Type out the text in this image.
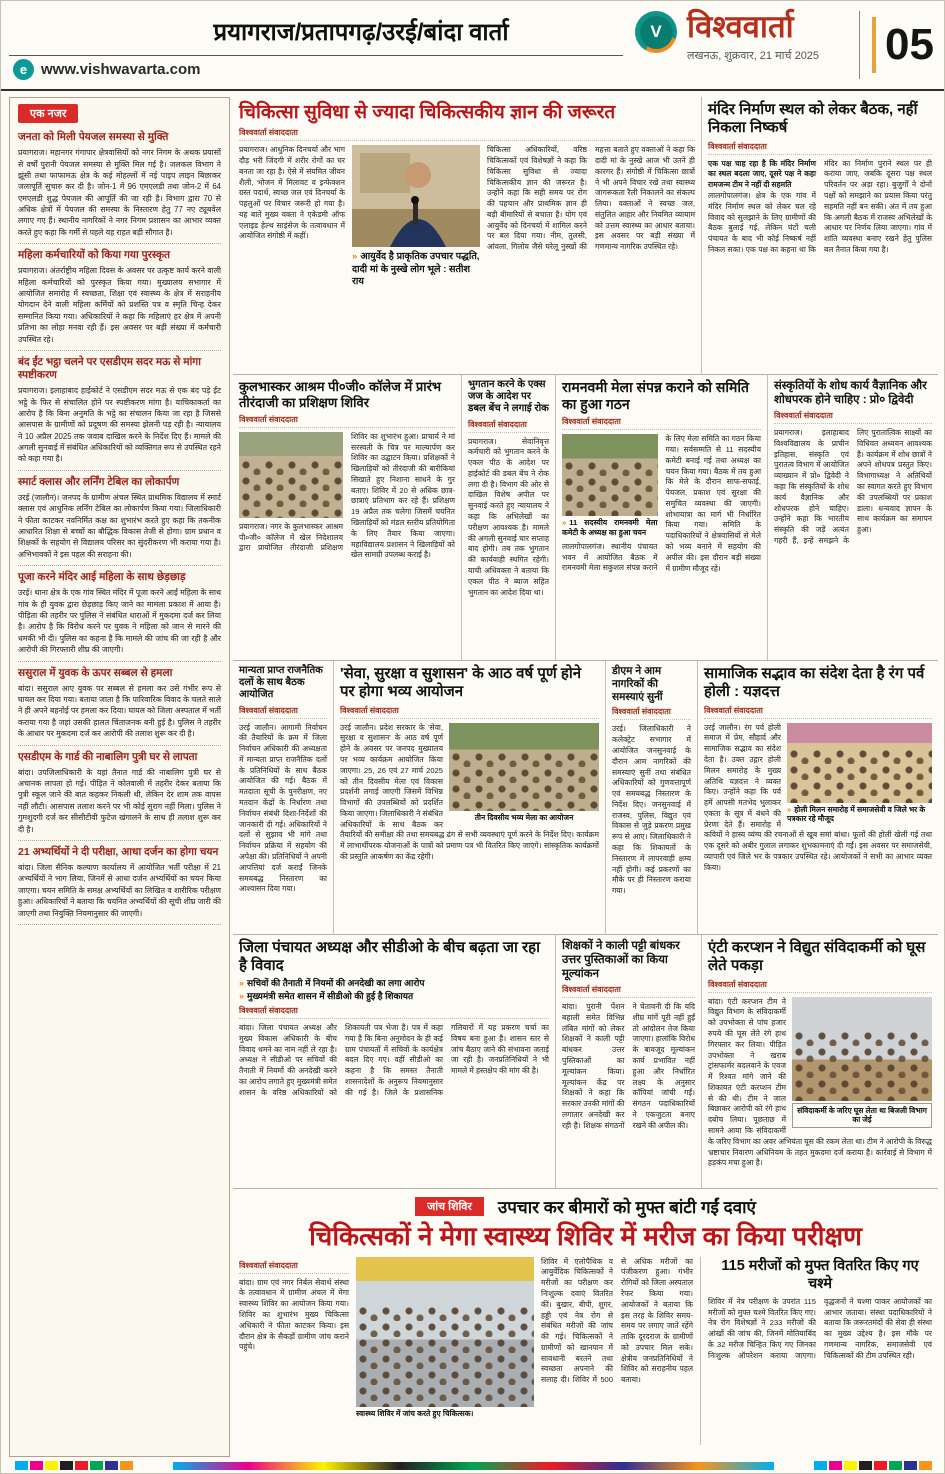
प्रयागराज/प्रतापगढ़/उरई/बांदा वार्ता
e www.vishwavarta.com
V विश्ववार्ता
लखनऊ, शुक्रवार, 21 मार्च 2025 05
एक नजर
जनता को मिली पेयजल समस्या से मुक्ति

प्रयागराज। महानगर गंगापार क्षेत्रवासियों को नगर निगम के अथक प्रयासों से वर्षों पुरानी पेयजल समस्या से मुक्ति मिल गई है। जलकल विभाग ने झूंसी तथा फाफामऊ क्षेत्र के कई मोहल्लों में नई पाइप लाइन बिछाकर जलापूर्ति सुचारु कर दी है। जोन-1 में 96 एमएलडी तथा जोन-2 में 64 एमएलडी शुद्ध पेयजल की आपूर्ति की जा रही है। विभाग द्वारा 70 से अधिक क्षेत्रों में पेयजल की समस्या के निस्तारण हेतु 77 नए ट्यूबवेल लगाए गए हैं। स्थानीय नागरिकों ने नगर निगम प्रशासन का आभार व्यक्त करते हुए कहा कि गर्मी से पहले यह राहत बड़ी सौगात है।

महिला कर्मचारियों को किया गया पुरस्कृत

प्रयागराज। अंतर्राष्ट्रीय महिला दिवस के अवसर पर उत्कृष्ट कार्य करने वाली महिला कर्मचारियों को पुरस्कृत किया गया। मुख्यालय सभागार में आयोजित समारोह में स्वच्छता, शिक्षा एवं स्वास्थ्य के क्षेत्र में सराहनीय योगदान देने वाली महिला कर्मियों को प्रशस्ति पत्र व स्मृति चिन्ह देकर सम्मानित किया गया। अधिकारियों ने कहा कि महिलाएं हर क्षेत्र में अपनी प्रतिभा का लोहा मनवा रही हैं। इस अवसर पर बड़ी संख्या में कर्मचारी उपस्थित रहे।

बंद ईंट भट्ठा चलने पर एसडीएम सदर मऊ से मांगा स्पष्टीकरण

प्रयागराज। इलाहाबाद हाईकोर्ट ने एसडीएम सदर मऊ से एक बंद पड़े ईंट भट्ठे के फिर से संचालित होने पर स्पष्टीकरण मांगा है। याचिकाकर्ता का आरोप है कि बिना अनुमति के भट्ठे का संचालन किया जा रहा है जिससे आसपास के ग्रामीणों को प्रदूषण की समस्या झेलनी पड़ रही है। न्यायालय ने 10 अप्रैल 2025 तक जवाब दाखिल करने के निर्देश दिए हैं। मामले की अगली सुनवाई में संबंधित अधिकारियों को व्यक्तिगत रूप से उपस्थित रहने को कहा गया है।

स्मार्ट क्लास और लर्निंग टेबिल का लोकार्पण

उरई (जालौन)। जनपद के ग्रामीण अंचल स्थित प्राथमिक विद्यालय में स्मार्ट क्लास एवं आधुनिक लर्निंग टेबिल का लोकार्पण किया गया। जिलाधिकारी ने फीता काटकर नवनिर्मित कक्ष का शुभारंभ करते हुए कहा कि तकनीक आधारित शिक्षा से बच्चों का बौद्धिक विकास तेजी से होगा। ग्राम प्रधान व शिक्षकों के सहयोग से विद्यालय परिसर का सुंदरीकरण भी कराया गया है। अभिभावकों ने इस पहल की सराहना की।

पूजा करने मंदिर आई महिला के साथ छेड़छाड़

उरई। थाना क्षेत्र के एक गांव स्थित मंदिर में पूजा करने आई महिला के साथ गांव के ही युवक द्वारा छेड़छाड़ किए जाने का मामला प्रकाश में आया है। पीड़िता की तहरीर पर पुलिस ने संबंधित धाराओं में मुकदमा दर्ज कर लिया है। आरोप है कि विरोध करने पर युवक ने महिला को जान से मारने की धमकी भी दी। पुलिस का कहना है कि मामले की जांच की जा रही है और आरोपी की गिरफ्तारी शीघ्र की जाएगी।

ससुराल में युवक के ऊपर सब्बल से हमला

बांदा। ससुराल आए युवक पर सब्बल से हमला कर उसे गंभीर रूप से घायल कर दिया गया। बताया जाता है कि पारिवारिक विवाद के चलते साले ने ही अपने बहनोई पर हमला कर दिया। घायल को जिला अस्पताल में भर्ती कराया गया है जहां उसकी हालत चिंताजनक बनी हुई है। पुलिस ने तहरीर के आधार पर मुकदमा दर्ज कर आरोपी की तलाश शुरू कर दी है।

एसडीएम के गार्ड की नाबालिग पुत्री घर से लापता

बांदा। उपजिलाधिकारी के यहां तैनात गार्ड की नाबालिग पुत्री घर से अचानक लापता हो गई। पीड़ित ने कोतवाली में तहरीर देकर बताया कि पुत्री स्कूल जाने की बात कहकर निकली थी, लेकिन देर शाम तक वापस नहीं लौटी। आसपास तलाश करने पर भी कोई सुराग नहीं मिला। पुलिस ने गुमशुदगी दर्ज कर सीसीटीवी फुटेज खंगालने के साथ ही तलाश शुरू कर दी है।

21 अभ्यर्थियों ने दी परीक्षा, आधा दर्जन का होगा चयन

बांदा। जिला सैनिक कल्याण कार्यालय में आयोजित भर्ती परीक्षा में 21 अभ्यर्थियों ने भाग लिया, जिनमें से आधा दर्जन अभ्यर्थियों का चयन किया जाएगा। चयन समिति के समक्ष अभ्यर्थियों का लिखित व शारीरिक परीक्षण हुआ। अधिकारियों ने बताया कि चयनित अभ्यर्थियों की सूची शीघ्र जारी की जाएगी तथा नियुक्ति नियमानुसार की जाएगी।

चिकित्सा सुविधा से ज्यादा चिकित्सकीय ज्ञान की जरूरत
विश्ववार्ता संवाददाता

प्रयागराज। आधुनिक दिनचर्या और भाग दौड़ भरी जिंदगी में शरीर रोगों का घर बनता जा रहा है। ऐसे में संयमित जीवन शैली, भोजन में मिलावट व इन्फेक्शन ग्रस्त पदार्थ, स्वच्छ जल एवं दिनचर्या के पहलुओं पर विचार जरूरी हो गया है। यह बातें मुख्य वक्ता ने एकेडमी ऑफ एलाइड हेल्थ साइंसेज के तत्वावधान में आयोजित संगोष्ठी में कहीं।

» आयुर्वेद है प्राकृतिक उपचार पद्धति, दादी मां के नुस्खे लोग भूले : सतीश राय

चिकित्सा अधिकारियों, वरिष्ठ चिकित्सकों एवं विशेषज्ञों ने कहा कि चिकित्सा सुविधा से ज्यादा चिकित्सकीय ज्ञान की जरूरत है। उन्होंने कहा कि सही समय पर रोग की पहचान और प्राथमिक ज्ञान ही बड़ी बीमारियों से बचाता है। योग एवं आयुर्वेद को दिनचर्या में शामिल करने पर बल दिया गया। नीम, तुलसी, आंवला, गिलोय जैसे घरेलू नुस्खों की महत्ता बताते हुए वक्ताओं ने कहा कि दादी मां के नुस्खे आज भी उतने ही कारगर हैं। संगोष्ठी में चिकित्सा छात्रों ने भी अपने विचार रखे तथा स्वास्थ्य जागरूकता रैली निकालने का संकल्प लिया। वक्ताओं ने स्वच्छ जल, संतुलित आहार और नियमित व्यायाम को उत्तम स्वास्थ्य का आधार बताया। इस अवसर पर बड़ी संख्या में गणमान्य नागरिक उपस्थित रहे।

मंदिर निर्माण स्थल को लेकर बैठक, नहीं निकला निष्कर्ष
विश्ववार्ता संवाददाता

एक पक्ष चाह रहा है कि मंदिर निर्माण का स्थल बदला जाए, दूसरे पक्ष ने कहा रामजन्म टीम ने नहीं दी सहमति

लालगोपालगंज। क्षेत्र के एक गांव में मंदिर निर्माण स्थल को लेकर चल रहे विवाद को सुलझाने के लिए ग्रामीणों की बैठक बुलाई गई, लेकिन घंटों चली पंचायत के बाद भी कोई निष्कर्ष नहीं निकल सका। एक पक्ष का कहना था कि मंदिर का निर्माण पुराने स्थल पर ही कराया जाए, जबकि दूसरा पक्ष स्थल परिवर्तन पर अड़ा रहा। बुजुर्गों ने दोनों पक्षों को समझाने का प्रयास किया परंतु सहमति नहीं बन सकी। अंत में तय हुआ कि अगली बैठक में राजस्व अभिलेखों के आधार पर निर्णय लिया जाएगा। गांव में शांति व्यवस्था बनाए रखने हेतु पुलिस बल तैनात किया गया है।

कुलभास्कर आश्रम पी०जी० कॉलेज में प्रारंभ तीरंदाजी का प्रशिक्षण शिविर
विश्ववार्ता संवाददाता

प्रयागराज। नगर के कुलभास्कर आश्रम पी०जी० कॉलेज में खेल निदेशालय द्वारा प्रायोजित तीरंदाजी प्रशिक्षण शिविर का शुभारंभ हुआ। प्राचार्य ने मां सरस्वती के चित्र पर माल्यार्पण कर शिविर का उद्घाटन किया। प्रशिक्षकों ने खिलाड़ियों को तीरंदाजी की बारीकियां सिखाते हुए निशाना साधने के गुर बताए। शिविर में 20 से अधिक छात्र-छात्राएं प्रतिभाग कर रहे हैं। प्रशिक्षण 19 अप्रैल तक चलेगा जिसमें चयनित खिलाड़ियों को मंडल स्तरीय प्रतियोगिता के लिए तैयार किया जाएगा। महाविद्यालय प्रशासन ने खिलाड़ियों को खेल सामग्री उपलब्ध कराई है।

भुगतान करने के एक्स जज के आदेश पर डबल बेंच ने लगाई रोक
विश्ववार्ता संवाददाता

प्रयागराज। सेवानिवृत्त कर्मचारी को भुगतान करने के एकल पीठ के आदेश पर हाईकोर्ट की डबल बेंच ने रोक लगा दी है। विभाग की ओर से दाखिल विशेष अपील पर सुनवाई करते हुए न्यायालय ने कहा कि अभिलेखों का परीक्षण आवश्यक है। मामले की अगली सुनवाई चार सप्ताह बाद होगी। तब तक भुगतान की कार्यवाही स्थगित रहेगी। याची अधिवक्ता ने बताया कि एकल पीठ ने ब्याज सहित भुगतान का आदेश दिया था।

रामनवमी मेला संपन्न कराने को समिति का हुआ गठन
विश्ववार्ता संवाददाता
» 11 सदस्यीय रामनवमी मेला कमेटी के अध्यक्ष का हुआ चयन

लालगोपालगंज। स्थानीय पंचायत भवन में आयोजित बैठक में रामनवमी मेला सकुशल संपन्न कराने के लिए मेला समिति का गठन किया गया। सर्वसम्मति से 11 सदस्यीय कमेटी बनाई गई तथा अध्यक्ष का चयन किया गया। बैठक में तय हुआ कि मेले के दौरान साफ-सफाई, पेयजल, प्रकाश एवं सुरक्षा की समुचित व्यवस्था की जाएगी। शोभायात्रा का मार्ग भी निर्धारित किया गया। समिति के पदाधिकारियों ने क्षेत्रवासियों से मेले को भव्य बनाने में सहयोग की अपील की। इस दौरान बड़ी संख्या में ग्रामीण मौजूद रहे।

संस्कृतियों के शोध कार्य वैज्ञानिक और शोधपरक होने चाहिए : प्रो० द्विवेदी
विश्ववार्ता संवाददाता

प्रयागराज। इलाहाबाद विश्वविद्यालय के प्राचीन इतिहास, संस्कृति एवं पुरातत्व विभाग में आयोजित व्याख्यान में प्रो० द्विवेदी ने कहा कि संस्कृतियों के शोध कार्य वैज्ञानिक और शोधपरक होने चाहिए। उन्होंने कहा कि भारतीय संस्कृति की जड़ें अत्यंत गहरी हैं, इन्हें समझने के लिए पुरातात्विक साक्ष्यों का विधिवत अध्ययन आवश्यक है। कार्यक्रम में शोध छात्रों ने अपने शोधपत्र प्रस्तुत किए। विभागाध्यक्ष ने अतिथियों का स्वागत करते हुए विभाग की उपलब्धियों पर प्रकाश डाला। धन्यवाद ज्ञापन के साथ कार्यक्रम का समापन हुआ।

मान्यता प्राप्त राजनैतिक दलों के साथ बैठक आयोजित
विश्ववार्ता संवाददाता

उरई जालौन। आगामी निर्वाचन की तैयारियों के क्रम में जिला निर्वाचन अधिकारी की अध्यक्षता में मान्यता प्राप्त राजनैतिक दलों के प्रतिनिधियों के साथ बैठक आयोजित की गई। बैठक में मतदाता सूची के पुनरीक्षण, नए मतदान केंद्रों के निर्धारण तथा निर्वाचन संबंधी दिशा-निर्देशों की जानकारी दी गई। अधिकारियों ने दलों से सुझाव भी मांगे तथा निर्वाचन प्रक्रिया में सहयोग की अपेक्षा की। प्रतिनिधियों ने अपनी आपत्तियां दर्ज कराईं जिनके समयबद्ध निस्तारण का आश्वासन दिया गया।

'सेवा, सुरक्षा व सुशासन' के आठ वर्ष पूर्ण होने पर होगा भव्य आयोजन
विश्ववार्ता संवाददाता
तीन दिवसीय भव्य मेला का आयोजन

उरई जालौन। प्रदेश सरकार के 'सेवा, सुरक्षा व सुशासन' के आठ वर्ष पूर्ण होने के अवसर पर जनपद मुख्यालय पर भव्य कार्यक्रम आयोजित किया जाएगा। 25, 26 एवं 27 मार्च 2025 को तीन दिवसीय मेला एवं विकास प्रदर्शनी लगाई जाएगी जिसमें विभिन्न विभागों की उपलब्धियों को प्रदर्शित किया जाएगा। जिलाधिकारी ने संबंधित अधिकारियों के साथ बैठक कर तैयारियों की समीक्षा की तथा समयबद्ध ढंग से सभी व्यवस्थाएं पूर्ण करने के निर्देश दिए। कार्यक्रम में लाभार्थीपरक योजनाओं के पात्रों को प्रमाण पत्र भी वितरित किए जाएंगे। सांस्कृतिक कार्यक्रमों की प्रस्तुति आकर्षण का केंद्र रहेगी।

डीएम ने आम नागरिकों की समस्याएं सुनीं
विश्ववार्ता संवाददाता

उरई। जिलाधिकारी ने कलेक्ट्रेट सभागार में आयोजित जनसुनवाई के दौरान आम नागरिकों की समस्याएं सुनीं तथा संबंधित अधिकारियों को गुणवत्तापूर्ण एवं समयबद्ध निस्तारण के निर्देश दिए। जनसुनवाई में राजस्व, पुलिस, विद्युत एवं विकास से जुड़े प्रकरण प्रमुख रूप से आए। जिलाधिकारी ने कहा कि शिकायतों के निस्तारण में लापरवाही क्षम्य नहीं होगी। कई प्रकरणों का मौके पर ही निस्तारण कराया गया।

सामाजिक सद्भाव का संदेश देता है रंग पर्व होली : यज्ञदत्त
विश्ववार्ता संवाददाता
» होली मिलन समारोह में समाजसेवी व जिले भर के पत्रकार रहे मौजूद

उरई जालौन। रंग पर्व होली समाज में प्रेम, सौहार्द और सामाजिक सद्भाव का संदेश देता है। उक्त उद्गार होली मिलन समारोह के मुख्य अतिथि यज्ञदत्त ने व्यक्त किए। उन्होंने कहा कि पर्व हमें आपसी मतभेद भुलाकर एकता के सूत्र में बंधने की प्रेरणा देते हैं। समारोह में कवियों ने हास्य व्यंग्य की रचनाओं से खूब समां बांधा। फूलों की होली खेली गई तथा एक दूसरे को अबीर गुलाल लगाकर शुभकामनाएं दी गईं। इस अवसर पर समाजसेवी, व्यापारी एवं जिले भर के पत्रकार उपस्थित रहे। आयोजकों ने सभी का आभार व्यक्त किया।

जिला पंचायत अध्यक्ष और सीडीओ के बीच बढ़ता जा रहा है विवाद

» सचिवों की तैनाती में नियमों की अनदेखी का लगा आरोप

» मुख्यमंत्री समेत शासन में सीडीओ की हुई है शिकायत

विश्ववार्ता संवाददाता

बांदा। जिला पंचायत अध्यक्ष और मुख्य विकास अधिकारी के बीच विवाद थमने का नाम नहीं ले रहा है। अध्यक्ष ने सीडीओ पर सचिवों की तैनाती में नियमों की अनदेखी करने का आरोप लगाते हुए मुख्यमंत्री समेत शासन के वरिष्ठ अधिकारियों को शिकायती पत्र भेजा है। पत्र में कहा गया है कि बिना अनुमोदन के ही कई ग्राम पंचायतों में सचिवों के कार्यक्षेत्र बदल दिए गए। वहीं सीडीओ का कहना है कि समस्त तैनाती शासनादेशों के अनुरूप नियमानुसार की गई है। जिले के प्रशासनिक गलियारों में यह प्रकरण चर्चा का विषय बना हुआ है। शासन स्तर से जांच बैठाए जाने की संभावना जताई जा रही है। जनप्रतिनिधियों ने भी मामले में हस्तक्षेप की मांग की है।

शिक्षकों ने काली पट्टी बांधकर उत्तर पुस्तिकाओं का किया मूल्यांकन
विश्ववार्ता संवाददाता

बांदा। पुरानी पेंशन बहाली समेत विभिन्न लंबित मांगों को लेकर शिक्षकों ने काली पट्टी बांधकर उत्तर पुस्तिकाओं का मूल्यांकन किया। मूल्यांकन केंद्र पर शिक्षकों ने कहा कि सरकार उनकी मांगों की लगातार अनदेखी कर रही है। शिक्षक संगठनों ने चेतावनी दी कि यदि शीघ्र मांगें पूरी नहीं हुईं तो आंदोलन तेज किया जाएगा। हालांकि विरोध के बावजूद मूल्यांकन कार्य प्रभावित नहीं हुआ और निर्धारित लक्ष्य के अनुसार कॉपियां जांची गईं। संगठन पदाधिकारियों ने एकजुटता बनाए रखने की अपील की।

एंटी करप्शन ने विद्युत संविदाकर्मी को घूस लेते पकड़ा
विश्ववार्ता संवाददाता
संविदाकर्मी के जरिए घूस लेता था बिजली विभाग का जेई

बांदा। एंटी करप्शन टीम ने विद्युत विभाग के संविदाकर्मी को उपभोक्ता से पांच हजार रुपये की घूस लेते रंगे हाथ गिरफ्तार कर लिया। पीड़ित उपभोक्ता ने खराब ट्रांसफार्मर बदलवाने के एवज में रिश्वत मांगे जाने की शिकायत एंटी करप्शन टीम से की थी। टीम ने जाल बिछाकर आरोपी को रंगे हाथ दबोच लिया। पूछताछ में सामने आया कि संविदाकर्मी के जरिए विभाग का अवर अभियंता घूस की रकम लेता था। टीम ने आरोपी के विरुद्ध भ्रष्टाचार निवारण अधिनियम के तहत मुकदमा दर्ज कराया है। कार्रवाई से विभाग में हड़कंप मचा हुआ है।

जांच शिविर	उपचार कर बीमारों को मुफ्त बांटी गईं दवाएं
चिकित्सकों ने मेगा स्वास्थ्य शिविर में मरीज का किया परीक्षण
विश्ववार्ता संवाददाता

बांदा। ग्राम एवं नगर निर्बल सेवार्थ संस्था के तत्वावधान में ग्रामीण अंचल में मेगा स्वास्थ्य शिविर का आयोजन किया गया। शिविर का शुभारंभ मुख्य चिकित्सा अधिकारी ने फीता काटकर किया। इस दौरान क्षेत्र के सैकड़ों ग्रामीण जांच कराने पहुंचे।

स्वास्थ्य शिविर में जांच करते हुए चिकित्सक।

शिविर में एलोपैथिक व आयुर्वेदिक चिकित्सकों ने मरीजों का परीक्षण कर निःशुल्क दवाएं वितरित कीं। बुखार, बीपी, शुगर, हड्डी एवं नेत्र रोग से संबंधित मरीजों की जांच की गई। चिकित्सकों ने ग्रामीणों को खानपान में सावधानी बरतने तथा स्वच्छता अपनाने की सलाह दी। शिविर में 500 से अधिक मरीजों का पंजीकरण हुआ। गंभीर रोगियों को जिला अस्पताल रेफर किया गया। आयोजकों ने बताया कि इस तरह के शिविर समय-समय पर लगाए जाते रहेंगे ताकि दूरदराज के ग्रामीणों को उपचार मिल सके। क्षेत्रीय जनप्रतिनिधियों ने शिविर को सराहनीय पहल बताया।

115 मरीजों को मुफ्त वितरित किए गए चश्मे

शिविर में नेत्र परीक्षण के उपरांत 115 मरीजों को मुफ्त चश्मे वितरित किए गए। नेत्र रोग विशेषज्ञों ने 233 मरीजों की आंखों की जांच की, जिनमें मोतियाबिंद के 32 मरीज चिन्हित किए गए जिनका निःशुल्क ऑपरेशन कराया जाएगा। वृद्धजनों ने चश्मा पाकर आयोजकों का आभार जताया। संस्था पदाधिकारियों ने बताया कि जरूरतमंदों की सेवा ही संस्था का मुख्य उद्देश्य है। इस मौके पर गणमान्य नागरिक, समाजसेवी एवं चिकित्सकों की टीम उपस्थित रही।
